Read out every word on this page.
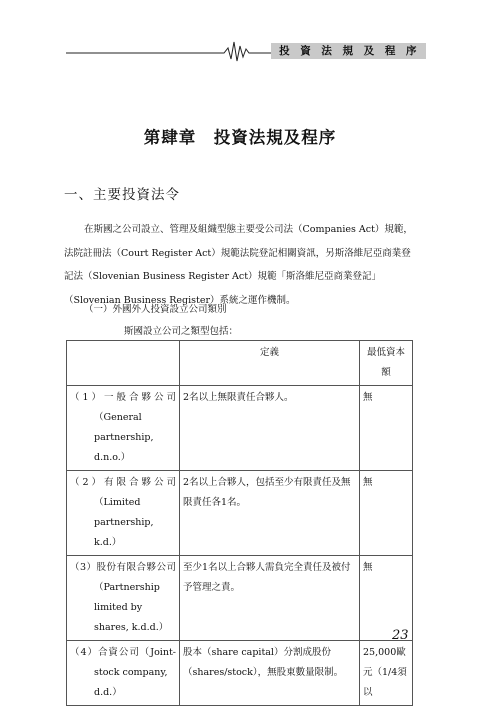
投 資 法 規 及 程 序
第肆章　投資法規及程序
一、主要投資法令

在斯國之公司設立、管理及組織型態主要受公司法（Companies Act）規範，法院註冊法（Court Register Act）規範法院登記相關資訊，另斯洛維尼亞商業登記法（Slovenian Business Register Act）規範「斯洛維尼亞商業登記」（Slovenian Business Register）系統之運作機制。

（一）外國外人投資設立公司類別
斯國設立公司之類型包括：
	定義	最低資本額

（1）一般合夥公司
（General partnership, d.n.o.）	2名以上無限責任合夥人。	無

（2）有限合夥公司
（Limited partnership, k.d.）	2名以上合夥人，包括至少有限責任及無限責任各1名。	無

（3）股份有限合夥公司
（Partnership limited by shares, k.d.d.）	至少1名以上合夥人需負完全責任及被付予管理之責。	無

（4）合資公司（Joint-
stock company, d.d.）	股本（share capital）分割成股份（shares/stock），無股東數量限制。	25,000歐元（1/4須以
23
